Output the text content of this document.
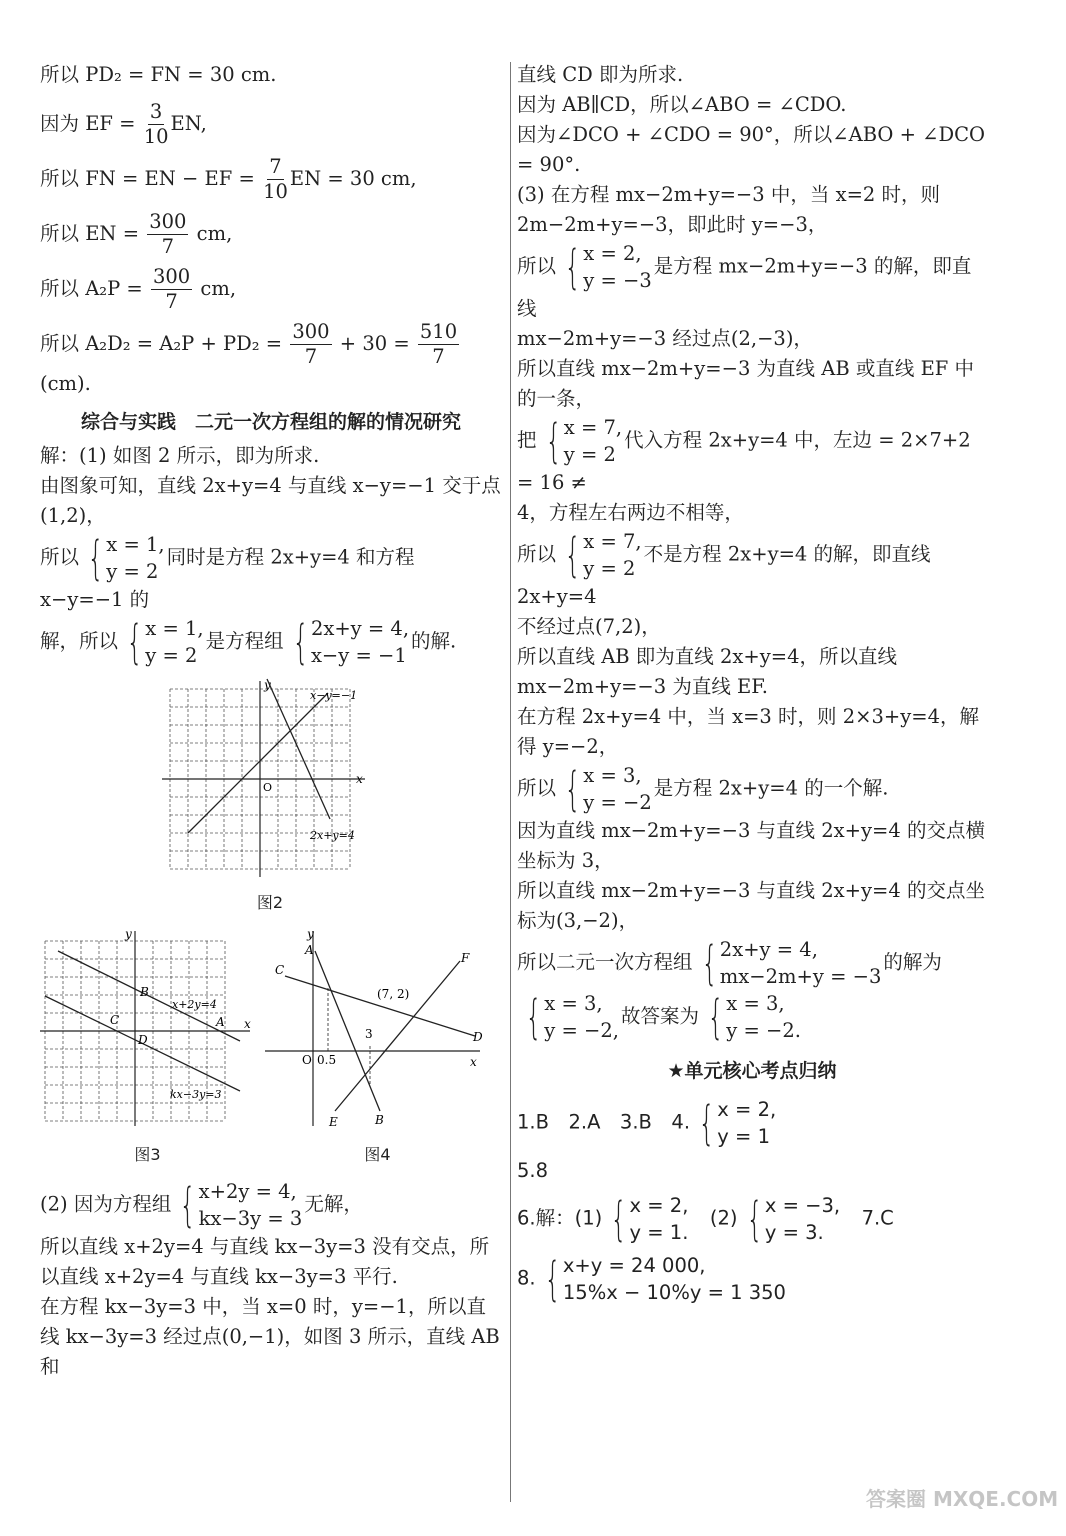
所以 PD₂ = FN = 30 cm.

因为 EF = $\frac{3}{10}$ EN,

所以 FN = EN − EF = $\frac{7}{10}$ EN = 30 cm,

所以 EN = $\frac{300}{7}$ cm,

所以 $A_2P = \frac{300}{7}$ cm,

所以 $A_2D_2 = A_2P + PD_2 = \frac{300}{7} + 30 = \frac{510}{7}$
(cm).

综合与实践　二元一次方程组的解的情况研究

解：(1) 如图 2 所示，即为所求.

由图象可知，直线 2x+y=4 与直线 x−y=−1 交于点(1,2)，

所以 { x = 1,
y = 2
同时是方程 2x+y=4 和方程 x−y=−1 的

解，所以 { x = 1,
y = 2
是方程组 { 2x+y = 4,
x−y = −1
的解.

x
y
O
x−y=−1
2x+y=4
图2
B
A
C
D
x+2y=4
kx−3y=3
x
y
图3
y
x
A
B
C
D
E
F
O 0.5
3
(7, 2)
图4

(2) 因为方程组 { x+2y = 4,
kx−3y = 3
无解，

所以直线 x+2y=4 与直线 kx−3y=3 没有交点，所以直线 x+2y=4 与直线 kx−3y=3 平行.

在方程 kx−3y=3 中，当 x=0 时，y=−1，所以直线 kx−3y=3 经过点(0,−1)，如图 3 所示，直线 AB 和

直线 CD 即为所求.

因为 AB∥CD，所以∠ABO = ∠CDO.

因为∠DCO + ∠CDO = 90°，所以∠ABO + ∠DCO = 90°.

(3) 在方程 mx−2m+y=−3 中，当 x=2 时，则 2m−2m+y=−3，即此时 y=−3，

所以 { x = 2,
y = −3
是方程 mx−2m+y=−3 的解，即直线

mx−2m+y=−3 经过点(2,−3)，

所以直线 mx−2m+y=−3 为直线 AB 或直线 EF 中的一条，

把 { x = 7,
y = 2
代入方程 2x+y=4 中，左边 = 2×7+2 = 16 ≠

4，方程左右两边不相等，

所以 { x = 7,
y = 2
不是方程 2x+y=4 的解，即直线 2x+y=4

不经过点(7,2)，

所以直线 AB 即为直线 2x+y=4，所以直线 mx−2m+y=−3 为直线 EF.

在方程 2x+y=4 中，当 x=3 时，则 2×3+y=4，解得 y=−2，

所以 { x = 3,
y = −2
是方程 2x+y=4 的一个解.

因为直线 mx−2m+y=−3 与直线 2x+y=4 的交点横坐标为 3，

所以直线 mx−2m+y=−3 与直线 2x+y=4 的交点坐标为(3,−2)，

所以二元一次方程组 { 2x+y = 4,
mx−2m+y = −3
的解为

{ x = 3,
y = −2,
故答案为 { x = 3,
y = −2.

★单元核心考点归纳

1.B　2.A　3.B　4. { x = 2,
y = 1

5.8

6.解：(1) { x = 2,
y = 1.
　(2) { x = −3,
y = 3.
　7.C

8. { x+y = 24 000,
15%x − 10%y = 1 350

答案圈 MXQE.COM
